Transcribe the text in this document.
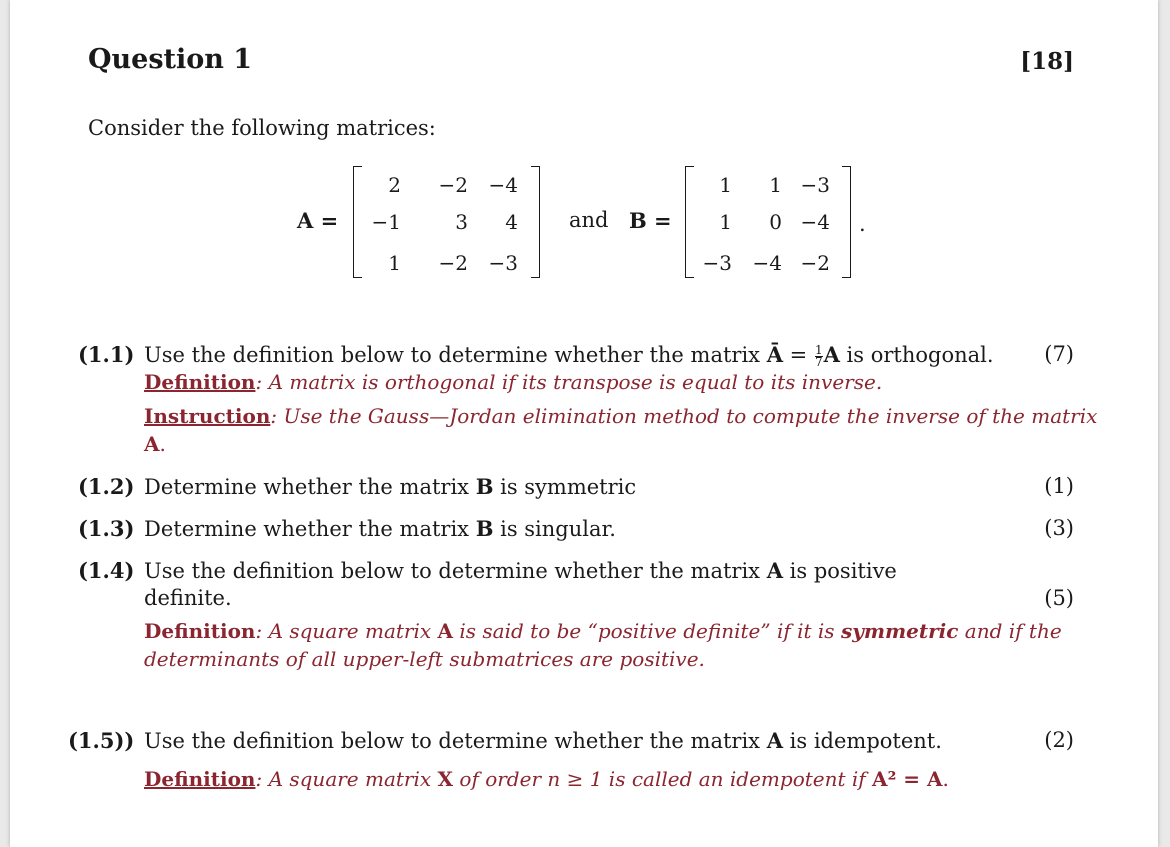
Question 1	[18]
Consider the following matrices:
A =
2	−2	−4
−1	3	4
1	−2	−3
and B =
1	1 −3
1	0 −4
−3	−4 −2
.
(1.1) Use the definition below to determine whether the matrix Ā = $\frac{1}{7}$ A is orthogonal. (7)
Definition: A matrix is orthogonal if its transpose is equal to its inverse.
Instruction: Use the Gauss—Jordan elimination method to compute the inverse of the matrix
A.
(1.2) Determine whether the matrix B is symmetric	(1)
(1.3) Determine whether the matrix B is singular.	(3)
(1.4) Use the definition below to determine whether the matrix A is positive
definite.	(5)
Definition: A square matrix A is said to be “positive definite” if it is symmetric and if the
determinants of all upper-left submatrices are positive.
(1.5)) Use the definition below to determine whether the matrix A is idempotent.	(2)
Definition: A square matrix X of order n ≥ 1 is called an idempotent if A² = A.
